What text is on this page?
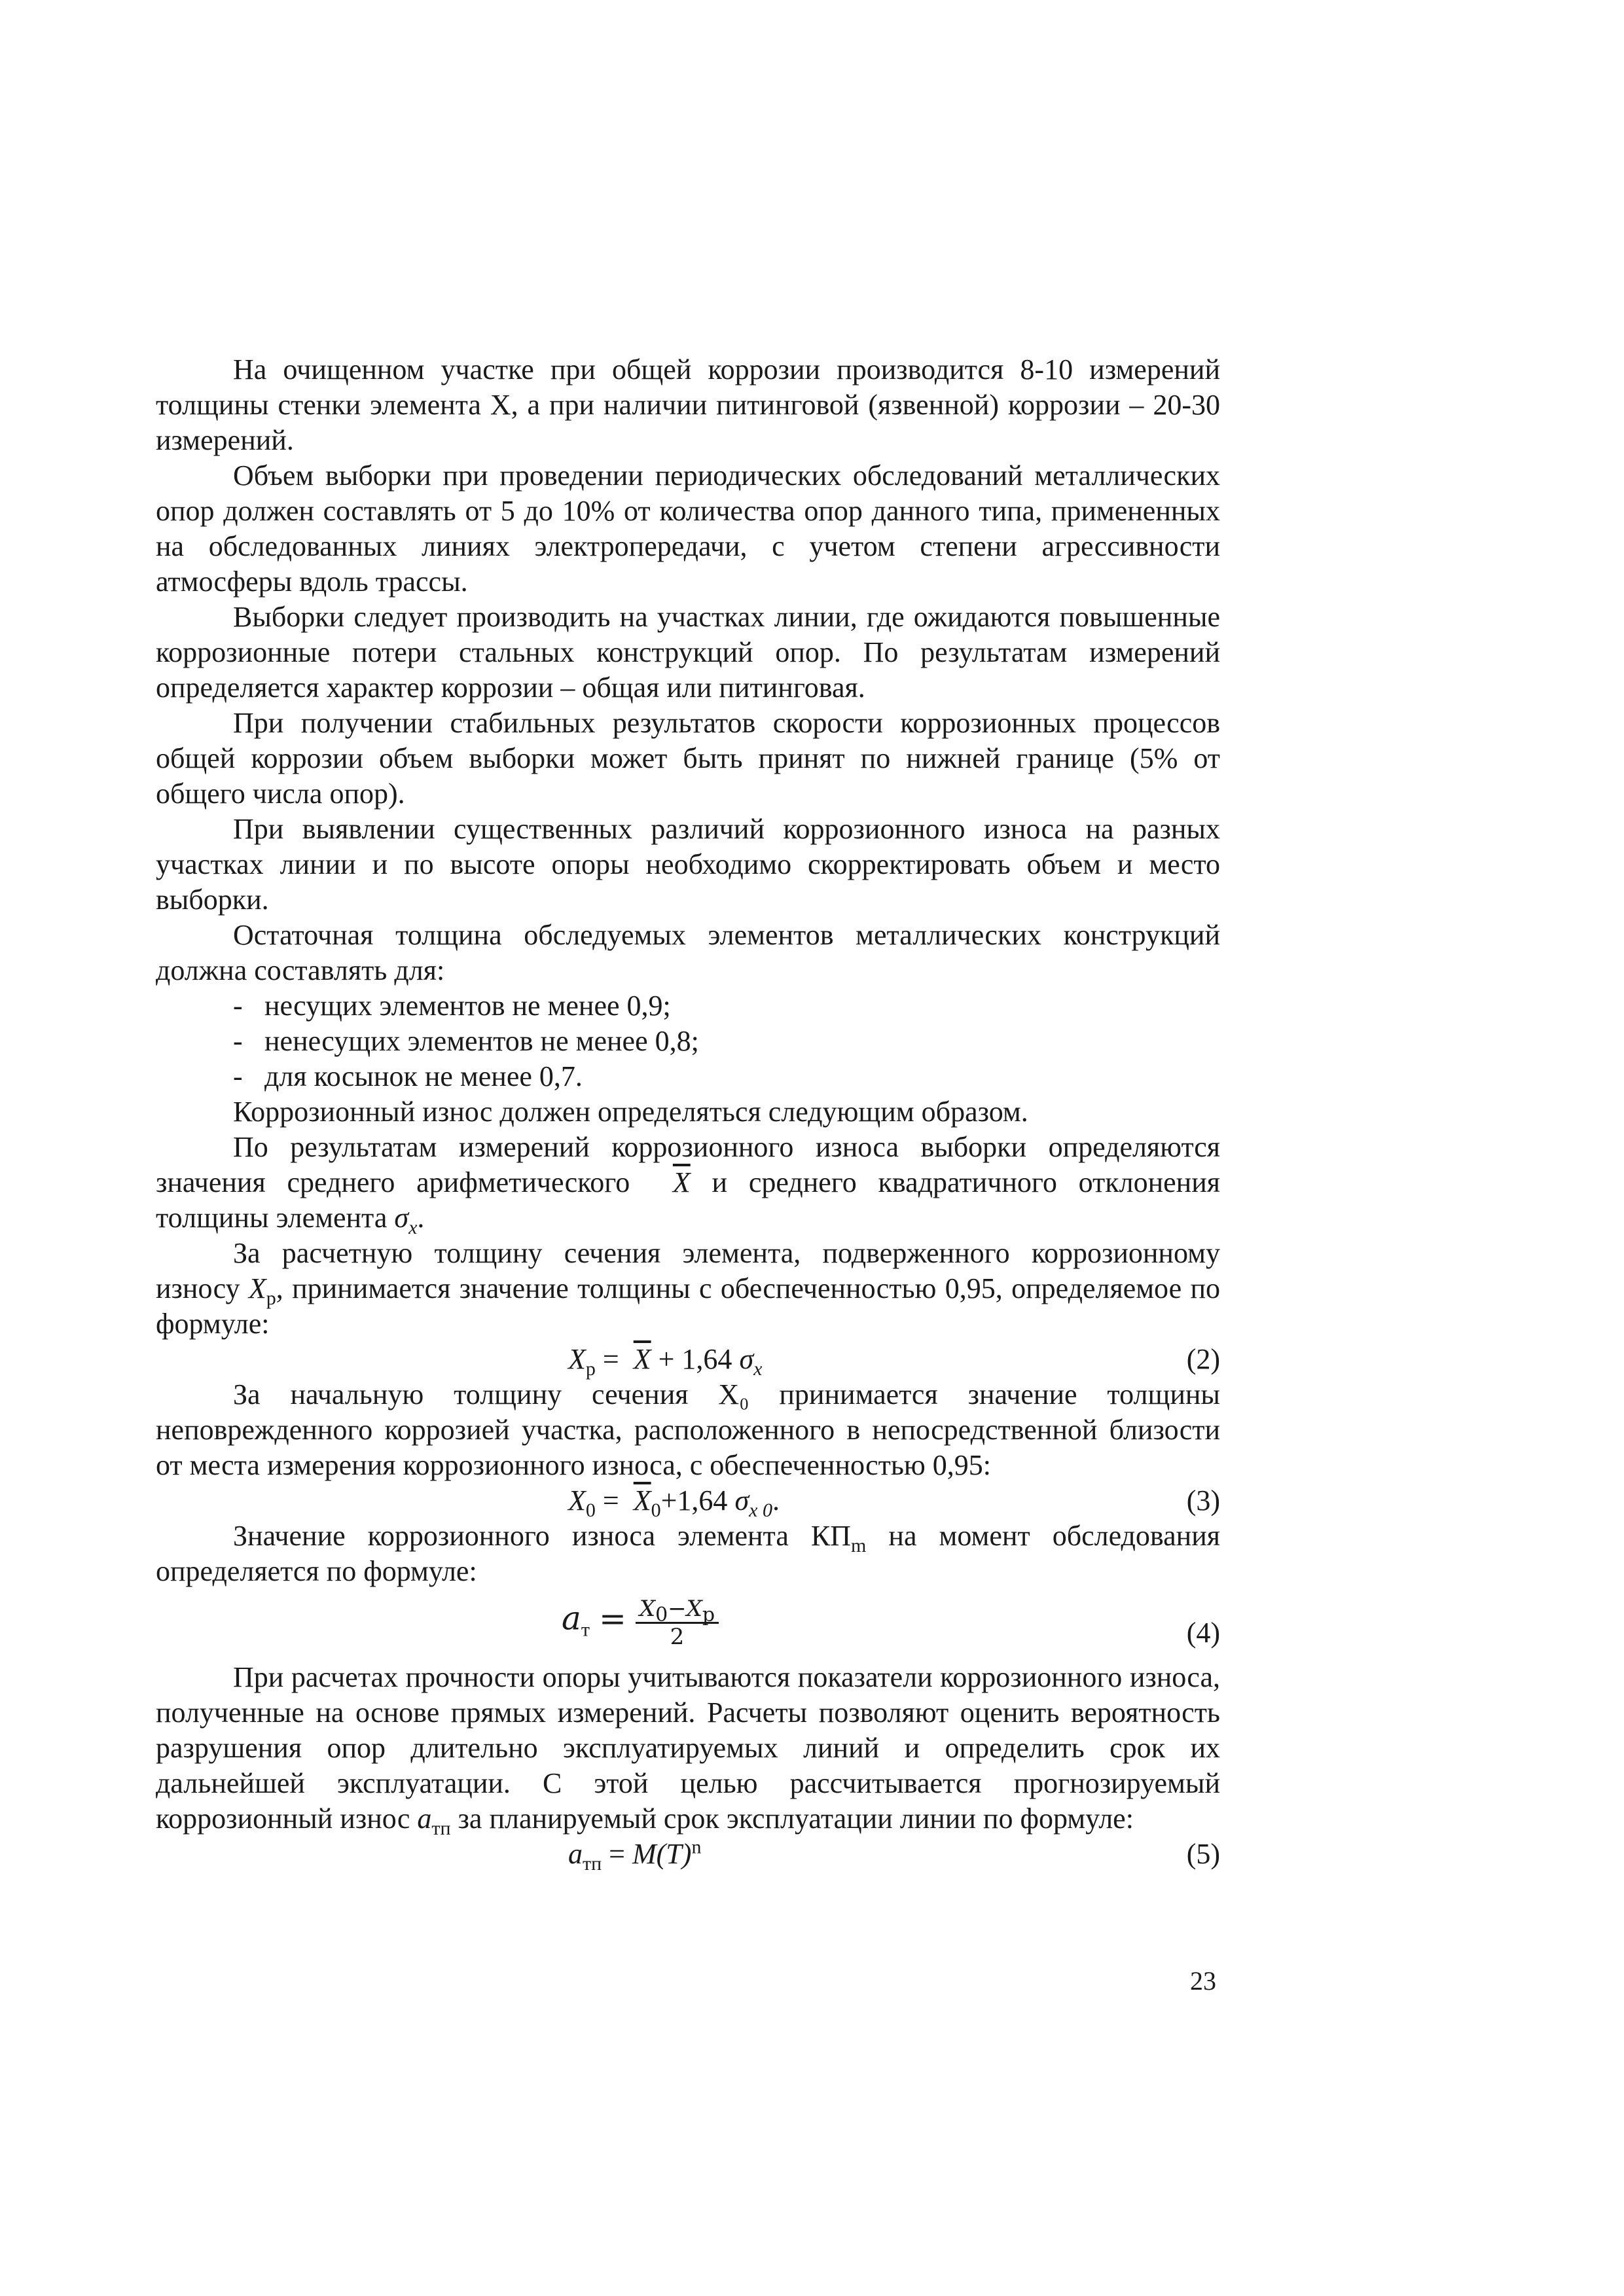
На очищенном участке при общей коррозии производится 8-10 измерений толщины стенки элемента X, а при наличии питинговой (язвенной) коррозии – 20-30 измерений.

Объем выборки при проведении периодических обследований металлических опор должен составлять от 5 до 10% от количества опор данного типа, примененных на обследованных линиях электропередачи, с учетом степени агрессивности атмосферы вдоль трассы.

Выборки следует производить на участках линии, где ожидаются повышенные коррозионные потери стальных конструкций опор. По результатам измерений определяется характер коррозии – общая или питинговая.

При получении стабильных результатов скорости коррозионных процессов общей коррозии объем выборки может быть принят по нижней границе (5% от общего числа опор).

При выявлении существенных различий коррозионного износа на разных участках линии и по высоте опоры необходимо скорректировать объем и место выборки.

Остаточная толщина обследуемых элементов металлических конструкций должна составлять для:

- несущих элементов не менее 0,9;

- ненесущих элементов не менее 0,8;

- для косынок не менее 0,7.

Коррозионный износ должен определяться следующим образом.

По результатам измерений коррозионного износа выборки определяются значения среднего арифметического $\overline{X}$ и среднего квадратичного отклонения толщины элемента $\sigma_x$.

За расчетную толщину сечения элемента, подверженного коррозионному износу $X_р$, принимается значение толщины с обеспеченностью 0,95, определяемое по формуле:

$X_р = \overline{X} + 1,64$ $\sigma_x$	(2)

За начальную толщину сечения X₀ принимается значение толщины неповрежденного коррозией участка, расположенного в непосредственной близости от места измерения коррозионного износа, с обеспеченностью 0,95:

$X_0 = \overline{X}_0+1,64$ $\sigma_{x 0}$.	(3)

Значение коррозионного износа элемента $КП_m$ на момент обследования определяется по формуле:

$a_т = \frac{X_0-X_р}{2}$	(4)

При расчетах прочности опоры учитываются показатели коррозионного износа, полученные на основе прямых измерений. Расчеты позволяют оценить вероятность разрушения опор длительно эксплуатируемых линий и определить срок их дальнейшей эксплуатации. С этой целью рассчитывается прогнозируемый коррозионный износ $a_{тп}$ за планируемый срок эксплуатации линии по формуле:

$a_{тп} = M(T)^n$	(5)
23
